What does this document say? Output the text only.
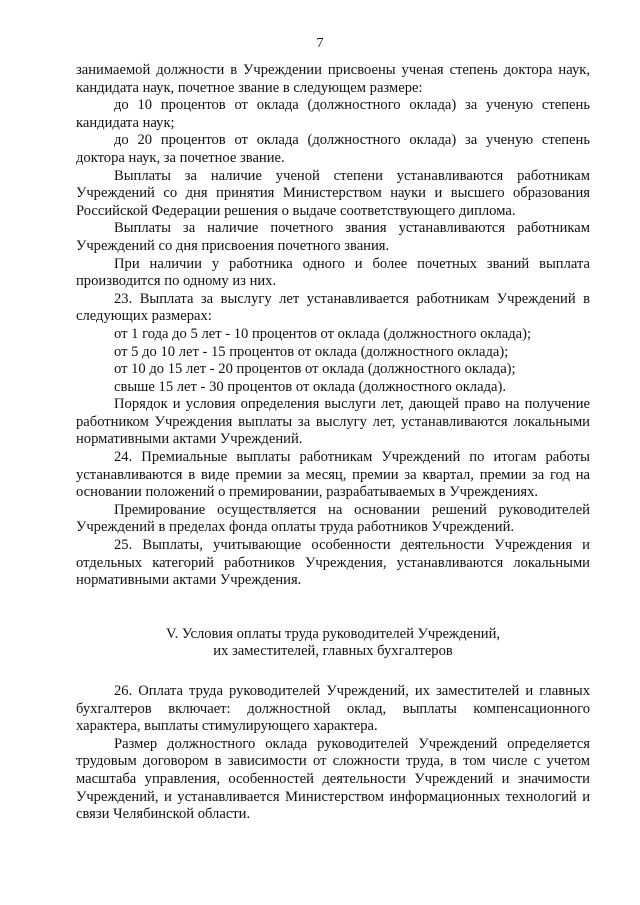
7

занимаемой должности в Учреждении присвоены ученая степень доктора наук, кандидата наук, почетное звание в следующем размере:

до 10 процентов от оклада (должностного оклада) за ученую степень кандидата наук;

до 20 процентов от оклада (должностного оклада) за ученую степень доктора наук, за почетное звание.

Выплаты за наличие ученой степени устанавливаются работникам Учреждений со дня принятия Министерством науки и высшего образования Российской Федерации решения о выдаче соответствующего диплома.

Выплаты за наличие почетного звания устанавливаются работникам Учреждений со дня присвоения почетного звания.

При наличии у работника одного и более почетных званий выплата производится по одному из них.

23. Выплата за выслугу лет устанавливается работникам Учреждений в следующих размерах:

от 1 года до 5 лет - 10 процентов от оклада (должностного оклада);

от 5 до 10 лет - 15 процентов от оклада (должностного оклада);

от 10 до 15 лет - 20 процентов от оклада (должностного оклада);

свыше 15 лет - 30 процентов от оклада (должностного оклада).

Порядок и условия определения выслуги лет, дающей право на получение работником Учреждения выплаты за выслугу лет, устанавливаются локальными нормативными актами Учреждений.

24. Премиальные выплаты работникам Учреждений по итогам работы устанавливаются в виде премии за месяц, премии за квартал, премии за год на основании положений о премировании, разрабатываемых в Учреждениях.

Премирование осуществляется на основании решений руководителей Учреждений в пределах фонда оплаты труда работников Учреждений.

25. Выплаты, учитывающие особенности деятельности Учреждения и отдельных категорий работников Учреждения, устанавливаются локальными нормативными актами Учреждения.

V. Условия оплаты труда руководителей Учреждений,

их заместителей, главных бухгалтеров

26. Оплата труда руководителей Учреждений, их заместителей и главных бухгалтеров включает: должностной оклад, выплаты компенсационного характера, выплаты стимулирующего характера.

Размер должностного оклада руководителей Учреждений определяется трудовым договором в зависимости от сложности труда, в том числе с учетом масштаба управления, особенностей деятельности Учреждений и значимости Учреждений, и устанавливается Министерством информационных технологий и связи Челябинской области.
